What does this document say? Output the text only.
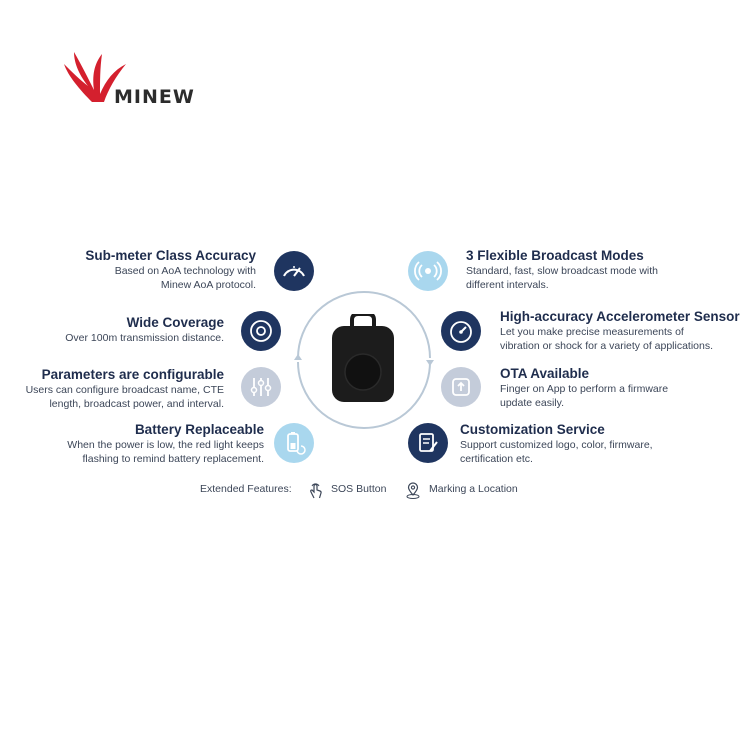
MINEW
Sub-meter Class Accuracy
Based on AoA technology with
Minew AoA protocol.
Wide Coverage
Over 100m transmission distance.
Parameters are configurable
Users can configure broadcast name, CTE
length, broadcast power, and interval.
Battery Replaceable
When the power is low, the red light keeps
flashing to remind battery replacement.
3 Flexible Broadcast Modes
Standard, fast, slow broadcast mode with
different intervals.
High-accuracy Accelerometer Sensor
Let you make precise measurements of
vibration or shock for a variety of applications.
OTA Available
Finger on App to perform a firmware
update easily.
Customization Service
Support customized logo, color, firmware,
certification etc.
Extended Features:	SOS Button	Marking a Location
